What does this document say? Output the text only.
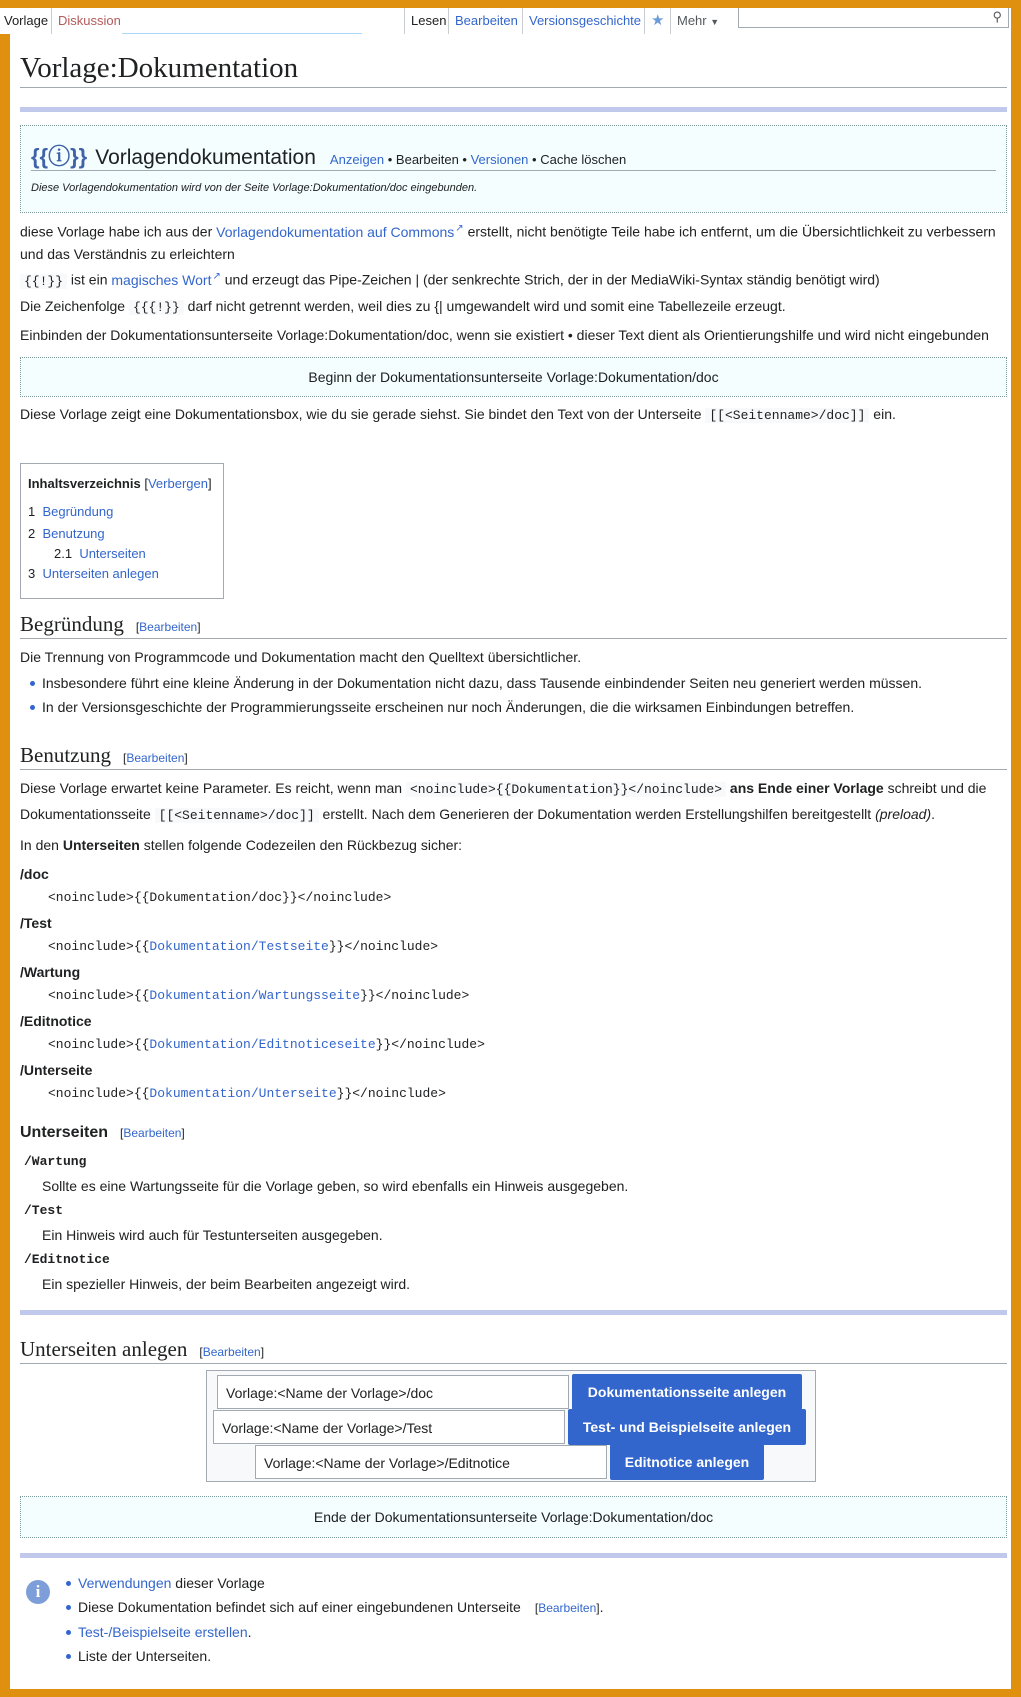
Vorlage Diskussion	Lesen Bearbeiten Versionsgeschichte ★ Mehr ▼	⚲
Vorlage:Dokumentation
{{ⓘ}} Vorlagendokumentation Anzeigen • Bearbeiten • Versionen • Cache löschen
Diese Vorlagendokumentation wird von der Seite Vorlage:Dokumentation/doc eingebunden.
diese Vorlage habe ich aus der Vorlagendokumentation auf Commons ↗ erstellt, nicht benötigte Teile habe ich entfernt, um die Übersichtlichkeit zu verbessern und das Verständnis zu erleichtern
{{!}} ist ein magisches Wort ↗ und erzeugt das Pipe-Zeichen | (der senkrechte Strich, der in der MediaWiki-Syntax ständig benötigt wird)
Die Zeichenfolge {{{!}} darf nicht getrennt werden, weil dies zu {| umgewandelt wird und somit eine Tabellezeile erzeugt.
Einbinden der Dokumentationsunterseite Vorlage:Dokumentation/doc, wenn sie existiert • dieser Text dient als Orientierungshilfe und wird nicht eingebunden
Beginn der Dokumentationsunterseite Vorlage:Dokumentation/doc
Diese Vorlage zeigt eine Dokumentationsbox, wie du sie gerade siehst. Sie bindet den Text von der Unterseite [[<Seitenname>/doc]] ein.
Inhaltsverzeichnis [Verbergen]
1 Begründung
2 Benutzung
2.1 Unterseiten
3 Unterseiten anlegen
Begründung [Bearbeiten]
Die Trennung von Programmcode und Dokumentation macht den Quelltext übersichtlicher.
Insbesondere führt eine kleine Änderung in der Dokumentation nicht dazu, dass Tausende einbindender Seiten neu generiert werden müssen.
In der Versionsgeschichte der Programmierungsseite erscheinen nur noch Änderungen, die die wirksamen Einbindungen betreffen.
Benutzung [Bearbeiten]
Diese Vorlage erwartet keine Parameter. Es reicht, wenn man <noinclude>{{Dokumentation}}</noinclude> ans Ende einer Vorlage schreibt und die Dokumentationsseite [[<Seitenname>/doc]] erstellt. Nach dem Generieren der Dokumentation werden Erstellungshilfen bereitgestellt (preload).
In den Unterseiten stellen folgende Codezeilen den Rückbezug sicher:
/doc
<noinclude>{{Dokumentation/doc}}</noinclude>
/Test
<noinclude>{{Dokumentation/Testseite}}</noinclude>
/Wartung
<noinclude>{{Dokumentation/Wartungsseite}}</noinclude>
/Editnotice
<noinclude>{{Dokumentation/Editnoticeseite}}</noinclude>
/Unterseite
<noinclude>{{Dokumentation/Unterseite}}</noinclude>
Unterseiten [Bearbeiten]
/Wartung
Sollte es eine Wartungsseite für die Vorlage geben, so wird ebenfalls ein Hinweis ausgegeben.
/Test
Ein Hinweis wird auch für Testunterseiten ausgegeben.
/Editnotice
Ein spezieller Hinweis, der beim Bearbeiten angezeigt wird.
Unterseiten anlegen [Bearbeiten]
Vorlage:<Name der Vorlage>/doc	Dokumentationsseite anlegen
Vorlage:<Name der Vorlage>/Test	Test- und Beispielseite anlegen
Vorlage:<Name der Vorlage>/Editnotice	Editnotice anlegen
Ende der Dokumentationsunterseite Vorlage:Dokumentation/doc
i	Verwendungen dieser Vorlage
Diese Dokumentation befindet sich auf einer eingebundenen Unterseite [Bearbeiten].
Test-/Beispielseite erstellen.
Liste der Unterseiten.
